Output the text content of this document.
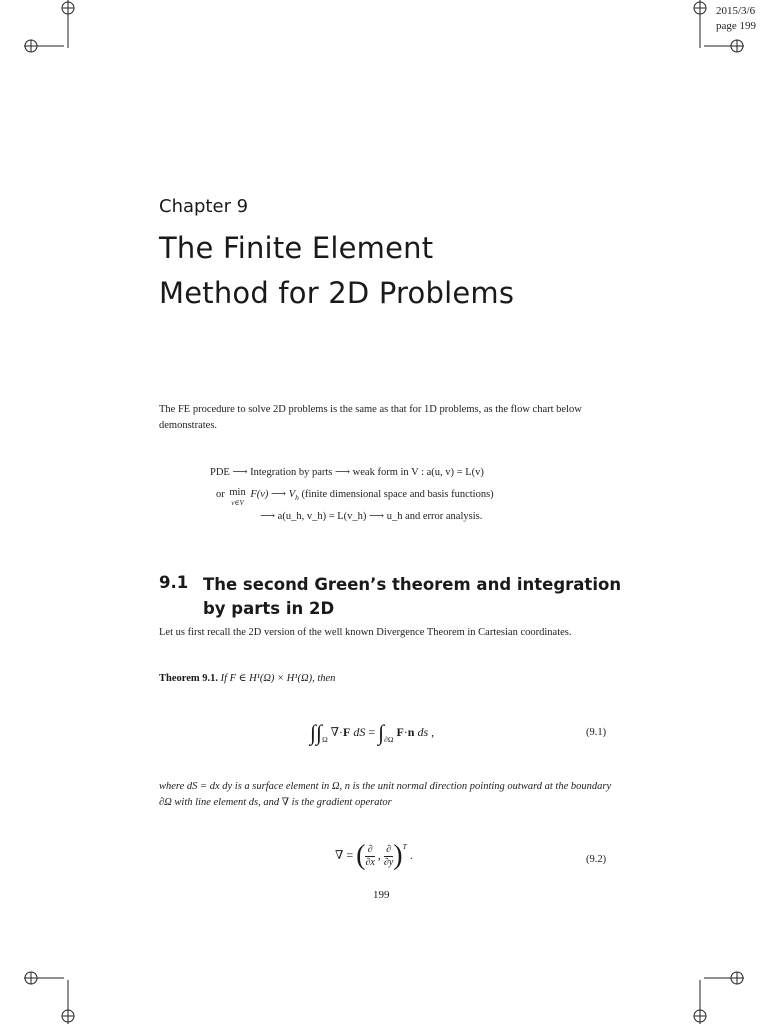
2015/3/6
page 199
Chapter 9
The Finite Element
Method for 2D Problems
The FE procedure to solve 2D problems is the same as that for 1D problems, as the flow chart below demonstrates.
PDE ⟶ Integration by parts ⟶ weak form in V : a(u, v) = L(v)
or min
v∈V
F(v) ⟶ $V_h$ (finite dimensional space and basis functions)
⟶ a(u_h, v_h) = L(v_h) ⟶ u_h and error analysis.
9.1 The second Green’s theorem and integration by parts in 2D
Let us first recall the 2D version of the well known Divergence Theorem in Cartesian coordinates.
Theorem 9.1. If F ∈ H¹(Ω) × H¹(Ω), then
$\int\int_\Omega$ ∇·F dS = $\int_{\partial\Omega}$ F·n ds ,	(9.1)
where dS = dx dy is a surface element in Ω, n is the unit normal direction pointing outward at the boundary ∂Ω with line element ds, and ∇ is the gradient operator
∇ = ( $\frac{\partial}{\partial x}$ , $\frac{\partial}{\partial y} )^T$ .	(9.2)
199
